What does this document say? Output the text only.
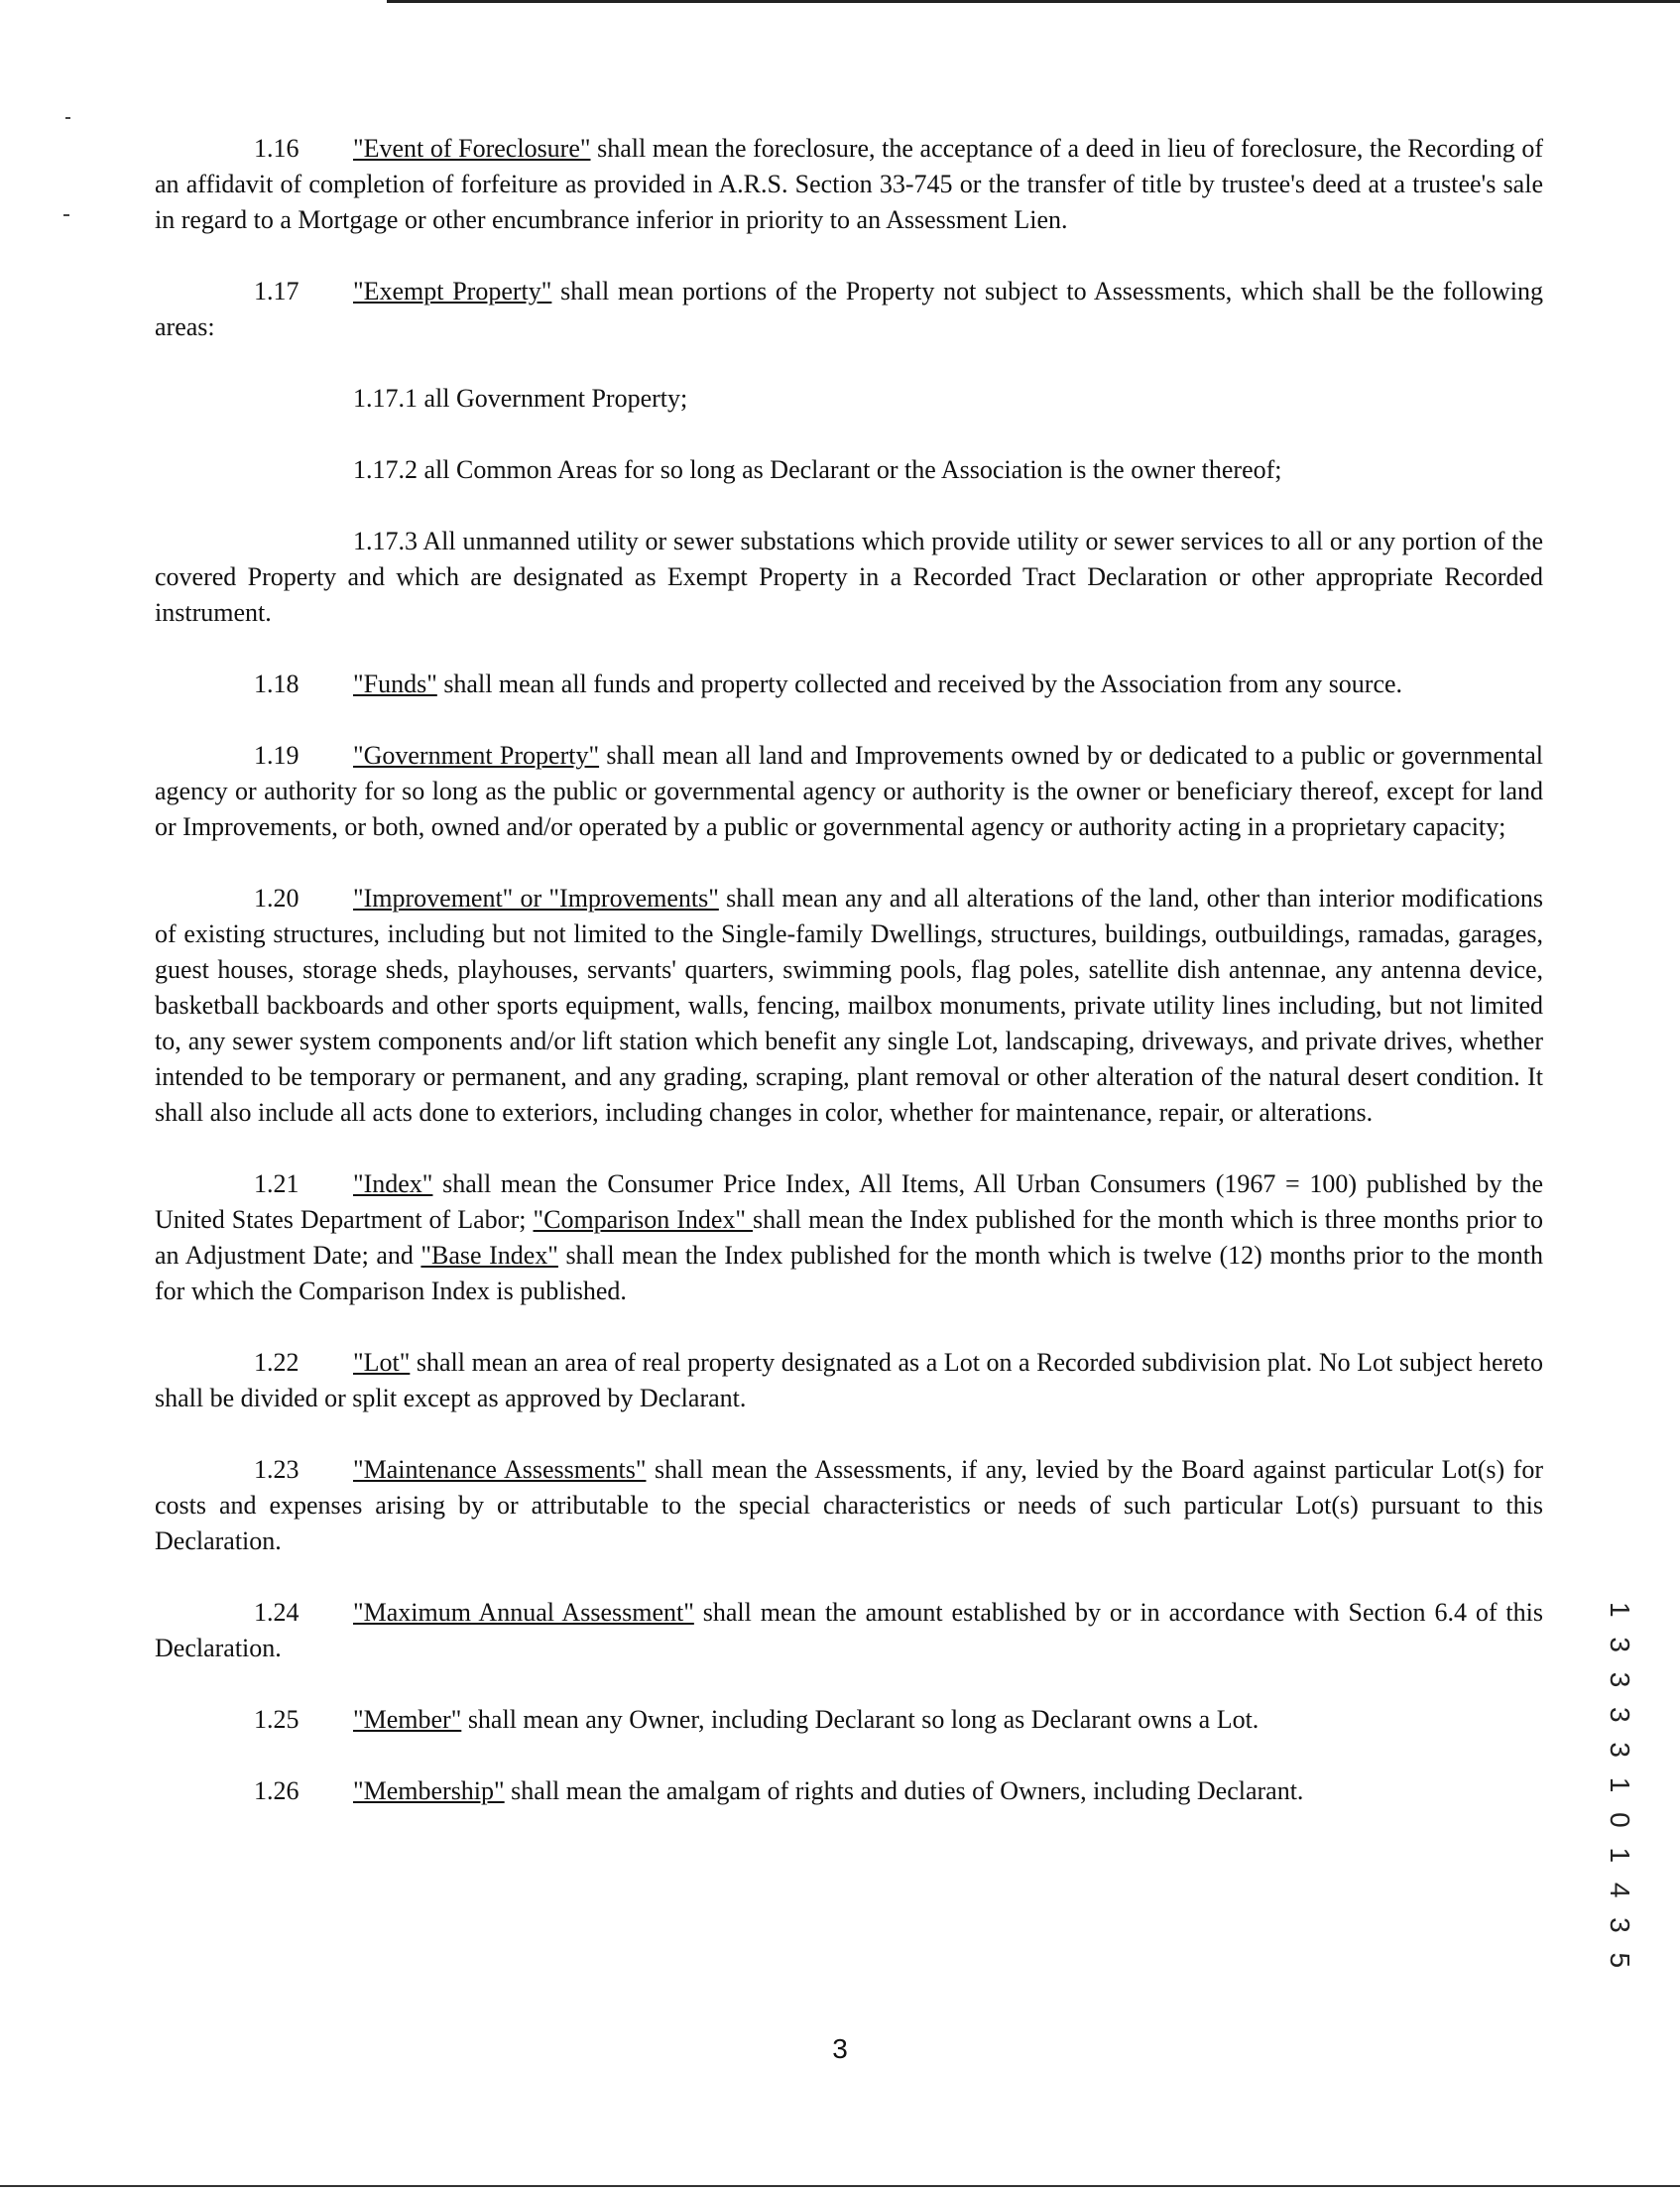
1.16 "Event of Foreclosure" shall mean the foreclosure, the acceptance of a deed in lieu of foreclosure, the Recording of an affidavit of completion of forfeiture as provided in A.R.S. Section 33-745 or the transfer of title by trustee's deed at a trustee's sale in regard to a Mortgage or other encumbrance inferior in priority to an Assessment Lien.

1.17 "Exempt Property" shall mean portions of the Property not subject to Assessments, which shall be the following areas:

1.17.1 all Government Property;

1.17.2 all Common Areas for so long as Declarant or the Association is the owner thereof;

1.17.3 All unmanned utility or sewer substations which provide utility or sewer services to all or any portion of the covered Property and which are designated as Exempt Property in a Recorded Tract Declaration or other appropriate Recorded instrument.

1.18 "Funds" shall mean all funds and property collected and received by the Association from any source.

1.19 "Government Property" shall mean all land and Improvements owned by or dedicated to a public or governmental agency or authority for so long as the public or governmental agency or authority is the owner or beneficiary thereof, except for land or Improvements, or both, owned and/or operated by a public or governmental agency or authority acting in a proprietary capacity;

1.20 "Improvement" or "Improvements" shall mean any and all alterations of the land, other than interior modifications of existing structures, including but not limited to the Single-family Dwellings, structures, buildings, outbuildings, ramadas, garages, guest houses, storage sheds, playhouses, servants' quarters, swimming pools, flag poles, satellite dish antennae, any antenna device, basketball backboards and other sports equipment, walls, fencing, mailbox monuments, private utility lines including, but not limited to, any sewer system components and/or lift station which benefit any single Lot, landscaping, driveways, and private drives, whether intended to be temporary or permanent, and any grading, scraping, plant removal or other alteration of the natural desert condition. It shall also include all acts done to exteriors, including changes in color, whether for maintenance, repair, or alterations.

1.21 "Index" shall mean the Consumer Price Index, All Items, All Urban Consumers (1967 = 100) published by the United States Department of Labor; "Comparison Index" shall mean the Index published for the month which is three months prior to an Adjustment Date; and "Base Index" shall mean the Index published for the month which is twelve (12) months prior to the month for which the Comparison Index is published.

1.22 "Lot" shall mean an area of real property designated as a Lot on a Recorded subdivision plat. No Lot subject hereto shall be divided or split except as approved by Declarant.

1.23 "Maintenance Assessments" shall mean the Assessments, if any, levied by the Board against particular Lot(s) for costs and expenses arising by or attributable to the special characteristics or needs of such particular Lot(s) pursuant to this Declaration.

1.24 "Maximum Annual Assessment" shall mean the amount established by or in accordance with Section 6.4 of this Declaration.

1.25 "Member" shall mean any Owner, including Declarant so long as Declarant owns a Lot.

1.26 "Membership" shall mean the amalgam of rights and duties of Owners, including Declarant.	1 3 3 3 3 1 0 1 4 3 5
3
